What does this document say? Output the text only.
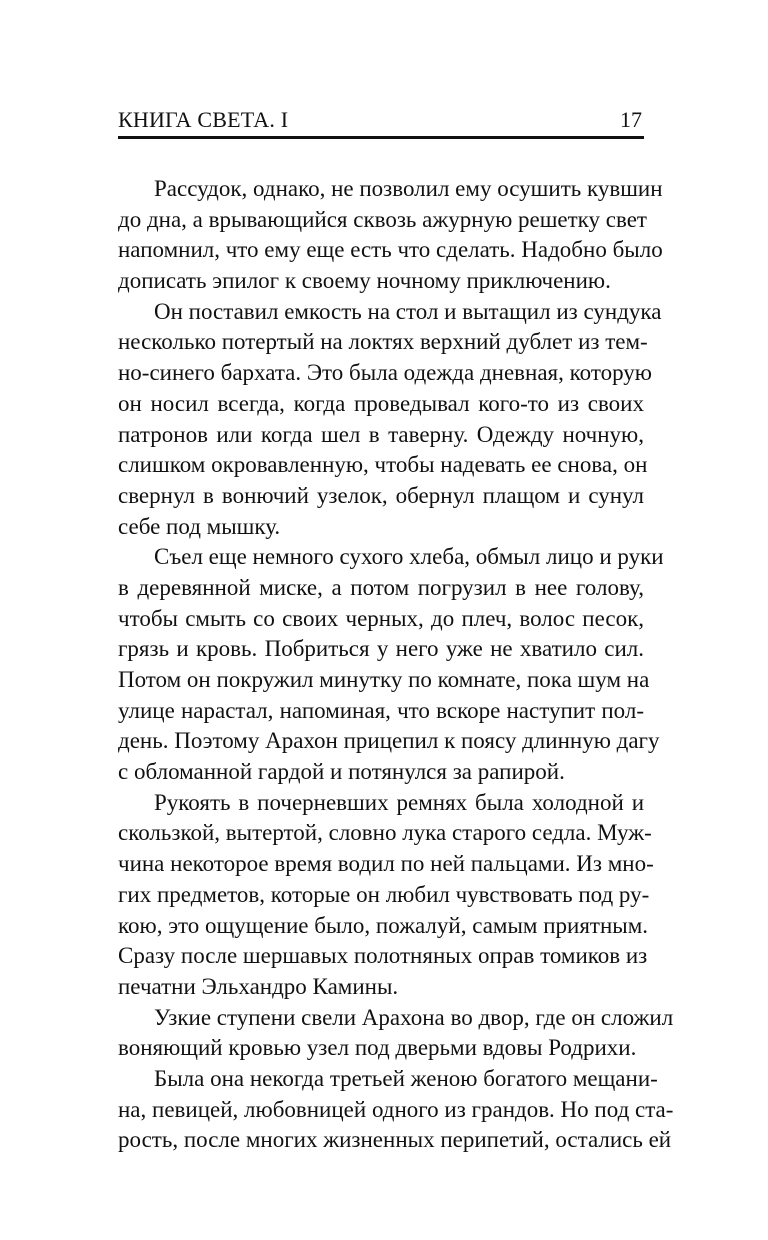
КНИГА СВЕТА. I	17
Рассудок, однако, не позволил ему осушить кувшин
до дна, а врывающийся сквозь ажурную решетку свет
напомнил, что ему еще есть что сделать. Надобно было
дописать эпилог к своему ночному приключению.
Он поставил емкость на стол и вытащил из сундука
несколько потертый на локтях верхний дублет из тем-
но-синего бархата. Это была одежда дневная, которую
он носил всегда, когда проведывал кого-то из своих
патронов или когда шел в таверну. Одежду ночную,
слишком окровавленную, чтобы надевать ее снова, он
свернул в вонючий узелок, обернул плащом и сунул
себе под мышку.
Съел еще немного сухого хлеба, обмыл лицо и руки
в деревянной миске, а потом погрузил в нее голову,
чтобы смыть со своих черных, до плеч, волос песок,
грязь и кровь. Побриться у него уже не хватило сил.
Потом он покружил минутку по комнате, пока шум на
улице нарастал, напоминая, что вскоре наступит пол-
день. Поэтому Арахон прицепил к поясу длинную дагу
с обломанной гардой и потянулся за рапирой.
Рукоять в почерневших ремнях была холодной и
скользкой, вытертой, словно лука старого седла. Муж-
чина некоторое время водил по ней пальцами. Из мно-
гих предметов, которые он любил чувствовать под ру-
кою, это ощущение было, пожалуй, самым приятным.
Сразу после шершавых полотняных оправ томиков из
печатни Эльхандро Камины.
Узкие ступени свели Арахона во двор, где он сложил
воняющий кровью узел под дверьми вдовы Родрихи.
Была она некогда третьей женою богатого мещани-
на, певицей, любовницей одного из грандов. Но под ста-
рость, после многих жизненных перипетий, остались ей
